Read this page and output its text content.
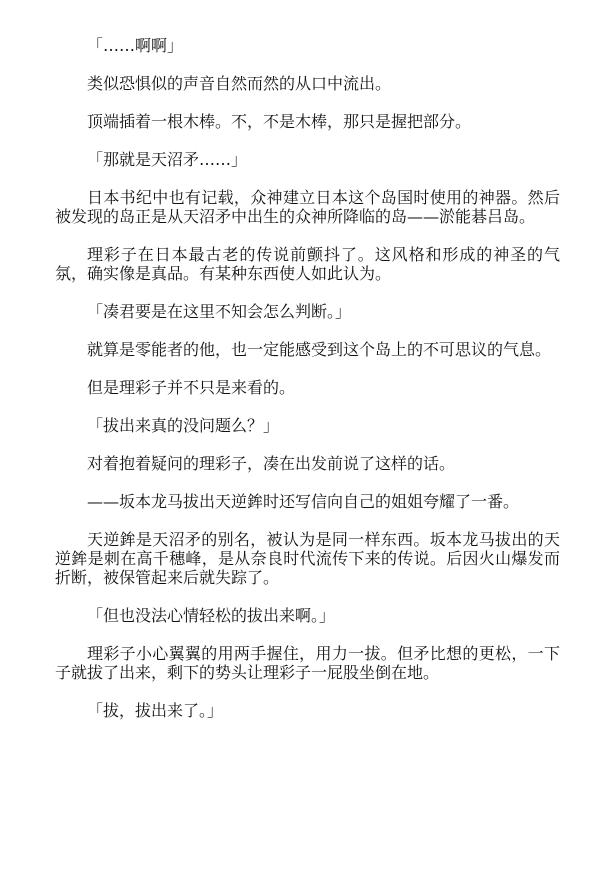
「……啊啊」

类似恐惧似的声音自然而然的从口中流出。

顶端插着一根木棒。不，不是木棒，那只是握把部分。

「那就是天沼矛……」

日本书纪中也有记载，众神建立日本这个岛国时使用的神器。然后被发现的岛正是从天沼矛中出生的众神所降临的岛——淤能碁吕岛。

理彩子在日本最古老的传说前颤抖了。这风格和形成的神圣的气氛，确实像是真品。有某种东西使人如此认为。

「凑君要是在这里不知会怎么判断。」

就算是零能者的他，也一定能感受到这个岛上的不可思议的气息。

但是理彩子并不只是来看的。

「拔出来真的没问题么？」

对着抱着疑问的理彩子，凑在出发前说了这样的话。

——坂本龙马拔出天逆鉾时还写信向自己的姐姐夸耀了一番。

天逆鉾是天沼矛的别名，被认为是同一样东西。坂本龙马拔出的天逆鉾是刺在高千穗峰，是从奈良时代流传下来的传说。后因火山爆发而折断，被保管起来后就失踪了。

「但也没法心情轻松的拔出来啊。」

理彩子小心翼翼的用两手握住，用力一拔。但矛比想的更松，一下子就拔了出来，剩下的势头让理彩子一屁股坐倒在地。

「拔，拔出来了。」
